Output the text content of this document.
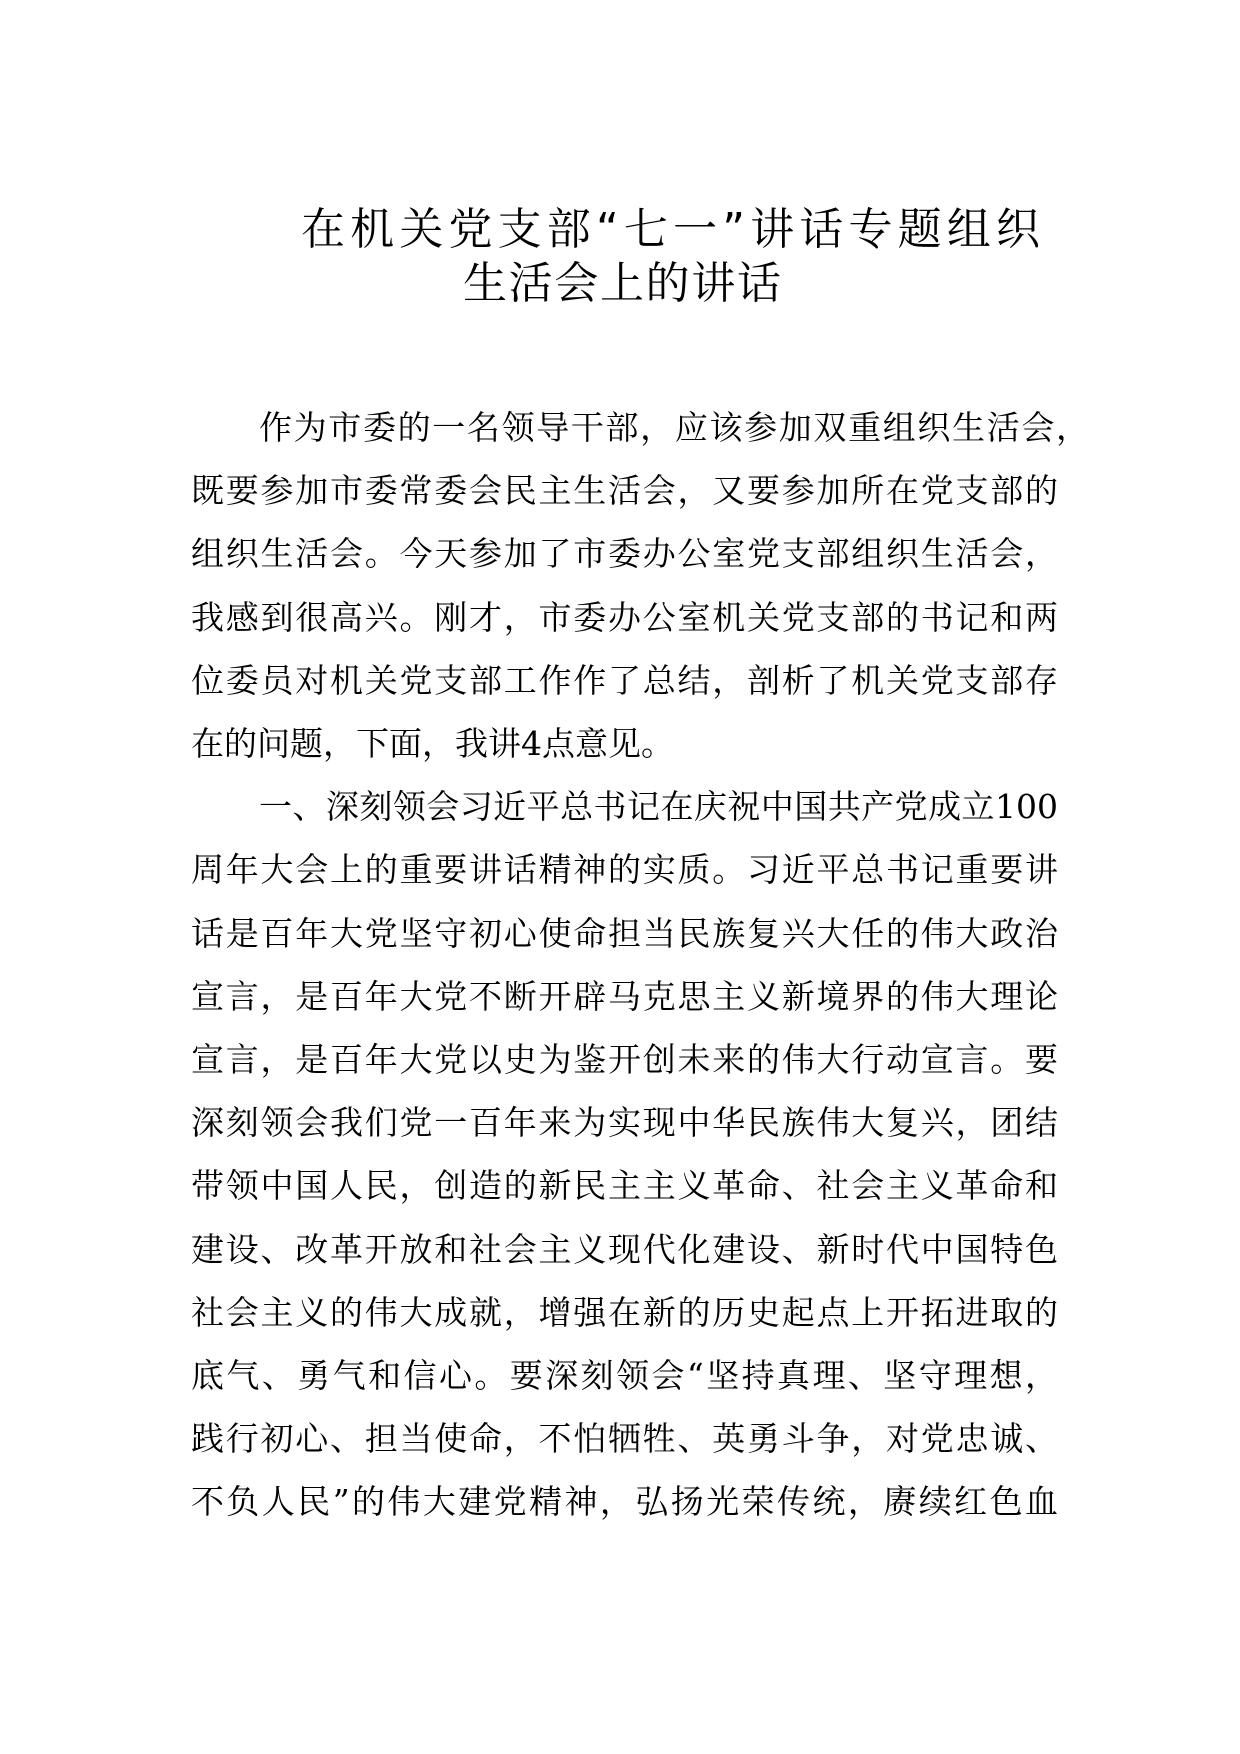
在机关党支部“七一”讲话专题组织
生活会上的讲话
作为市委的一名领导干部，应该参加双重组织生活会，
既要参加市委常委会民主生活会，又要参加所在党支部的
组织生活会。今天参加了市委办公室党支部组织生活会，
我感到很高兴。刚才，市委办公室机关党支部的书记和两
位委员对机关党支部工作作了总结，剖析了机关党支部存
在的问题，下面，我讲4点意见。
一、深刻领会习近平总书记在庆祝中国共产党成立100
周年大会上的重要讲话精神的实质。习近平总书记重要讲
话是百年大党坚守初心使命担当民族复兴大任的伟大政治
宣言，是百年大党不断开辟马克思主义新境界的伟大理论
宣言，是百年大党以史为鉴开创未来的伟大行动宣言。要
深刻领会我们党一百年来为实现中华民族伟大复兴，团结
带领中国人民，创造的新民主主义革命、社会主义革命和
建设、改革开放和社会主义现代化建设、新时代中国特色
社会主义的伟大成就，增强在新的历史起点上开拓进取的
底气、勇气和信心。要深刻领会“坚持真理、坚守理想，
践行初心、担当使命，不怕牺牲、英勇斗争，对党忠诚、
不负人民”的伟大建党精神，弘扬光荣传统，赓续红色血
